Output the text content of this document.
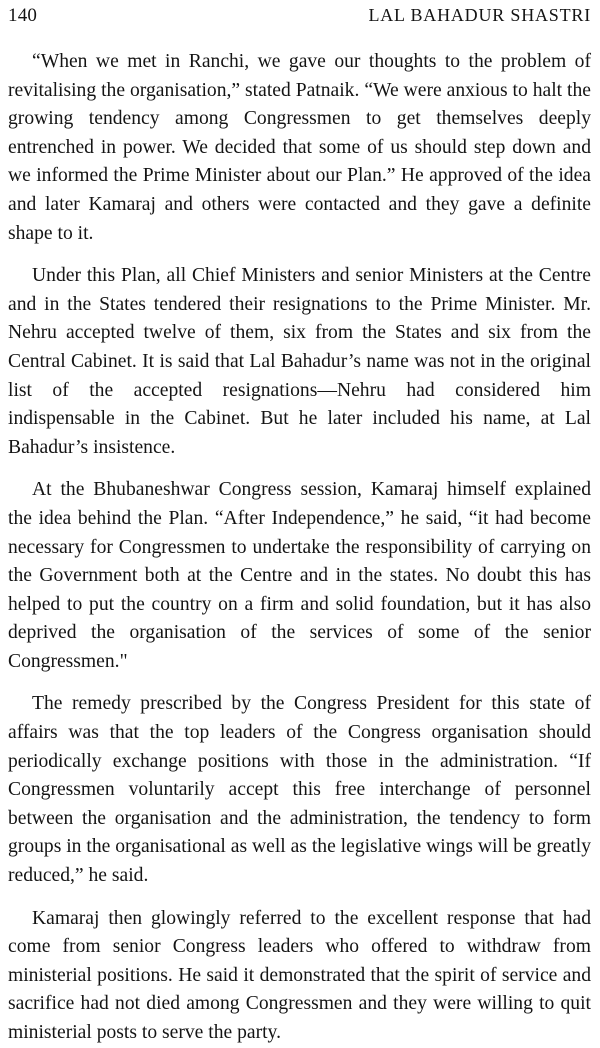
140	LAL BAHADUR SHASTRI

“When we met in Ranchi, we gave our thoughts to the problem of revitalising the organisation,” stated Patnaik. “We were anxious to halt the growing tendency among Congressmen to get themselves deeply entrenched in power. We decided that some of us should step down and we informed the Prime Minister about our Plan.” He approved of the idea and later Kamaraj and others were contacted and they gave a definite shape to it.

Under this Plan, all Chief Ministers and senior Ministers at the Centre and in the States tendered their resignations to the Prime Minister. Mr. Nehru accepted twelve of them, six from the States and six from the Central Cabinet. It is said that Lal Bahadur’s name was not in the original list of the accepted resignations—Nehru had considered him indispensable in the Cabinet. But he later included his name, at Lal Bahadur’s insistence.

At the Bhubaneshwar Congress session, Kamaraj himself explained the idea behind the Plan. “After Independence,” he said, “it had become necessary for Congressmen to undertake the responsibility of carrying on the Government both at the Centre and in the states. No doubt this has helped to put the country on a firm and solid foundation, but it has also deprived the organisation of the services of some of the senior Congressmen."

The remedy prescribed by the Congress President for this state of affairs was that the top leaders of the Congress organisation should periodically exchange positions with those in the administration. “If Congressmen voluntarily accept this free interchange of personnel between the organisation and the administration, the tendency to form groups in the organisational as well as the legislative wings will be greatly reduced,” he said.

Kamaraj then glowingly referred to the excellent response that had come from senior Congress leaders who offered to withdraw from ministerial positions. He said it demonstrated that the spirit of service and sacrifice had not died among Congressmen and they were willing to quit ministerial posts to serve the party.
